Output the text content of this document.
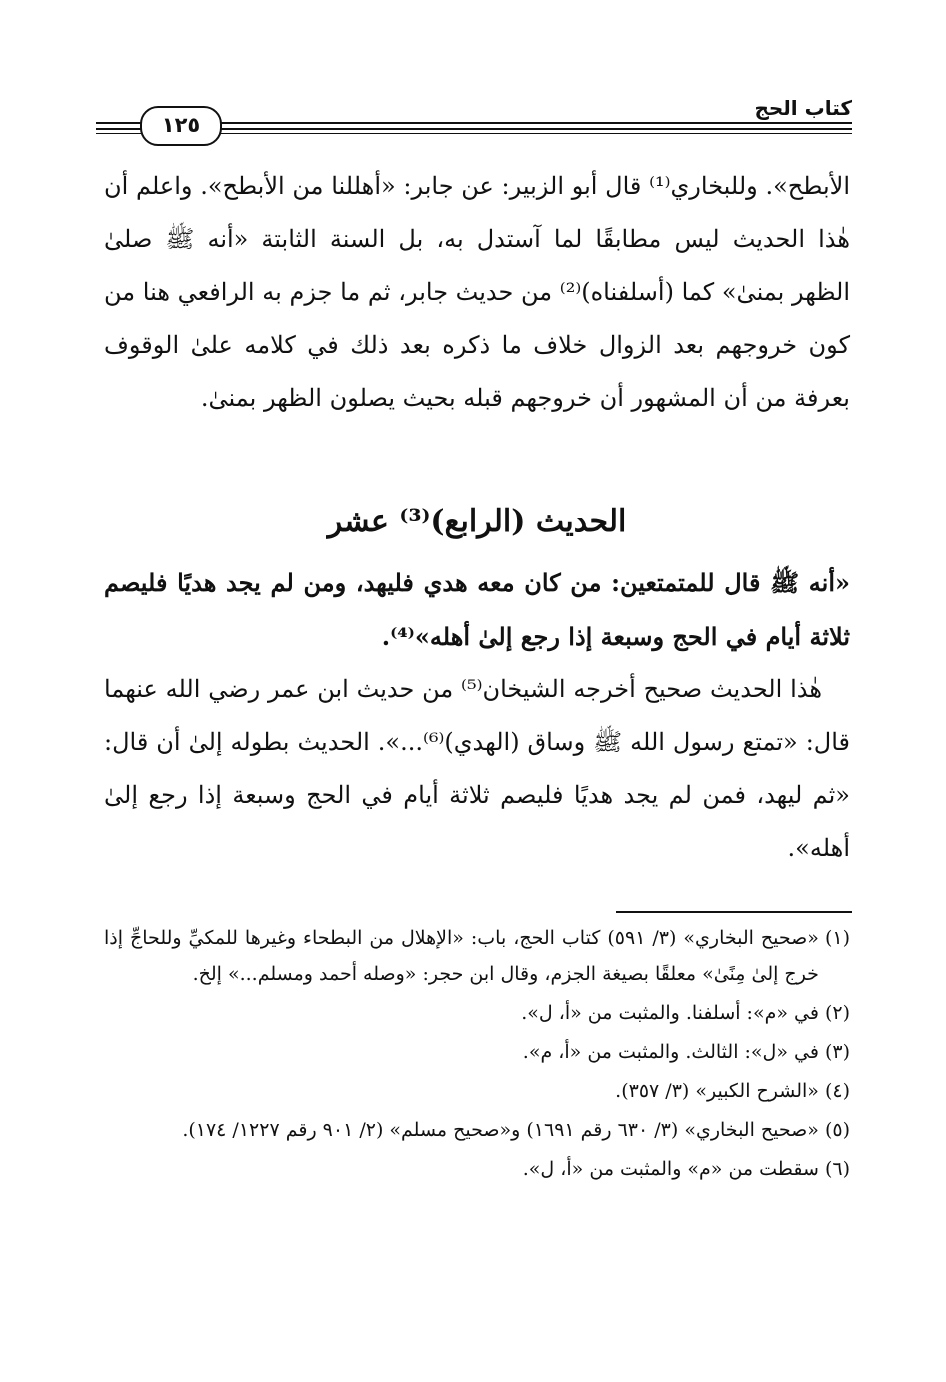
كتاب الحج
١٢٥

الأبطح». وللبخاري⁽¹⁾ قال أبو الزبير: عن جابر: «أهللنا من الأبطح». واعلم أن هٰذا الحديث ليس مطابقًا لما آستدل به، بل السنة الثابتة «أنه ﷺ صلىٰ الظهر بمنىٰ» كما (أسلفناه)⁽²⁾ من حديث جابر، ثم ما جزم به الرافعي هنا من كون خروجهم بعد الزوال خلاف ما ذكره بعد ذلك في كلامه علىٰ الوقوف بعرفة من أن المشهور أن خروجهم قبله بحيث يصلون الظهر بمنىٰ.

الحديث (الرابع)⁽³⁾ عشر

«أنه ﷺ قال للمتمتعين: من كان معه هدي فليهد، ومن لم يجد هديًا فليصم ثلاثة أيام في الحج وسبعة إذا رجع إلىٰ أهله»⁽⁴⁾.

هٰذا الحديث صحيح أخرجه الشيخان⁽⁵⁾ من حديث ابن عمر رضي الله عنهما قال: «تمتع رسول الله ﷺ وساق (الهدي)⁽⁶⁾...». الحديث بطوله إلىٰ أن قال: «ثم ليهد، فمن لم يجد هديًا فليصم ثلاثة أيام في الحج وسبعة إذا رجع إلىٰ أهله».

(١)
«صحيح البخاري» (٣/ ٥٩١) كتاب الحج، باب: «الإهلال من البطحاء وغيرها للمكيِّ وللحاجِّ إذا خرج إلىٰ مِنًىٰ» معلقًا بصيغة الجزم، وقال ابن حجر: «وصله أحمد ومسلم...» إلخ.
(٢)
في «م»: أسلفنا. والمثبت من «أ، ل».
(٣)
في «ل»: الثالث. والمثبت من «أ، م».
(٤)
«الشرح الكبير» (٣/ ٣٥٧).
(٥)
«صحيح البخاري» (٣/ ٦٣٠ رقم ١٦٩١) و«صحيح مسلم» (٢/ ٩٠١ رقم ١٢٢٧/ ١٧٤).
(٦)
سقطت من «م» والمثبت من «أ، ل».
